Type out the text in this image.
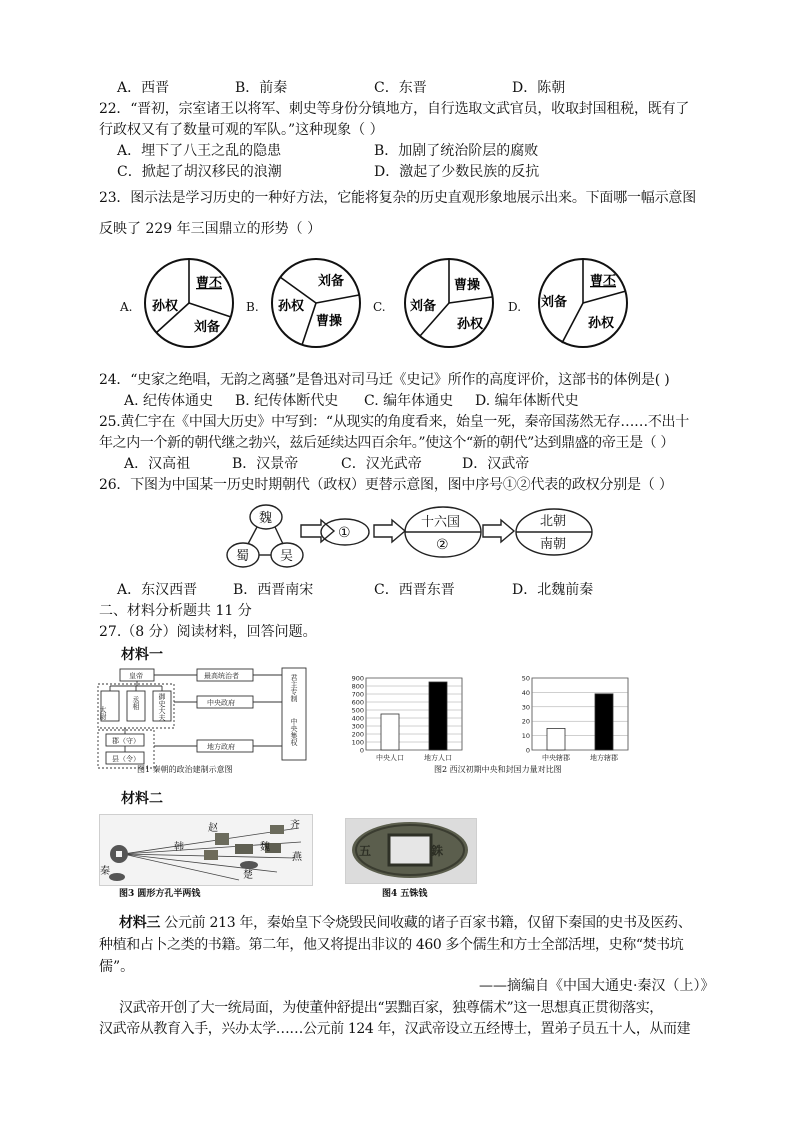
A．西晋	B．前秦	C．东晋	D．陈朝
22．“晋初，宗室诸王以将军、刺史等身份分镇地方，自行选取文武官员，收取封国租税，既有了
行政权又有了数量可观的军队。”这种现象（ ）
A．埋下了八王之乱的隐患	B．加剧了统治阶层的腐败
C．掀起了胡汉移民的浪潮	D．激起了少数民族的反抗
23．图示法是学习历史的一种好方法，它能将复杂的历史直观形象地展示出来。下面哪一幅示意图
反映了 229 年三国鼎立的形势（ ）
A.	B.	C.	D.
曹丕
孙权
刘备
刘备
孙权
曹操
曹操
刘备
孙权
曹丕
刘备
孙权
24．“史家之绝唱，无韵之离骚”是鲁迅对司马迁《史记》所作的高度评价，这部书的体例是( )
A. 纪传体通史 B. 纪传体断代史 C. 编年体通史 D. 编年体断代史
25.黄仁宇在《中国大历史》中写到：“从现实的角度看来，始皇一死，秦帝国荡然无存……不出十
年之内一个新的朝代继之勃兴，兹后延续达四百余年。”使这个“新的朝代”达到鼎盛的帝王是（ ）
A．汉高祖	B．汉景帝	C．汉光武帝	D．汉武帝
26．下图为中国某一历史时期朝代（政权）更替示意图，图中序号①②代表的政权分别是（ ）
魏
蜀 吴
①
十六国
②
北朝
南朝
A．东汉西晋	B．西晋南宋	C．西晋东晋	D．北魏前秦
二、材料分析题共 11 分
27.（8 分）阅读材料，回答问题。
材料一
皇帝	最高统治者
太尉
丞相	御史大夫	中央政府
郡（守）
县（令）
地方政府
君主专制
中央集权
图1 秦朝的政治建制示意图
0
100
200
300
400
500
600
700
800
900
中央人口	地方人口
0
10
20
30
40
50
中央辖郡	地方辖郡
图2 西汉初期中央和封国力量对比图
材料二
赵	齐
魏
燕
楚
秦
韩
图3 圆形方孔半两钱
五銖
图4 五铢钱
材料三 公元前 213 年，秦始皇下令烧毁民间收藏的诸子百家书籍，仅留下秦国的史书及医药、
种植和占卜之类的书籍。第二年，他又将提出非议的 460 多个儒生和方士全部活埋，史称“焚书坑
儒”。
——摘编自《中国大通史·秦汉（上）》
汉武帝开创了大一统局面，为使董仲舒提出“罢黜百家，独尊儒术”这一思想真正贯彻落实，
汉武帝从教育入手，兴办太学……公元前 124 年，汉武帝设立五经博士，置弟子员五十人，从而建
